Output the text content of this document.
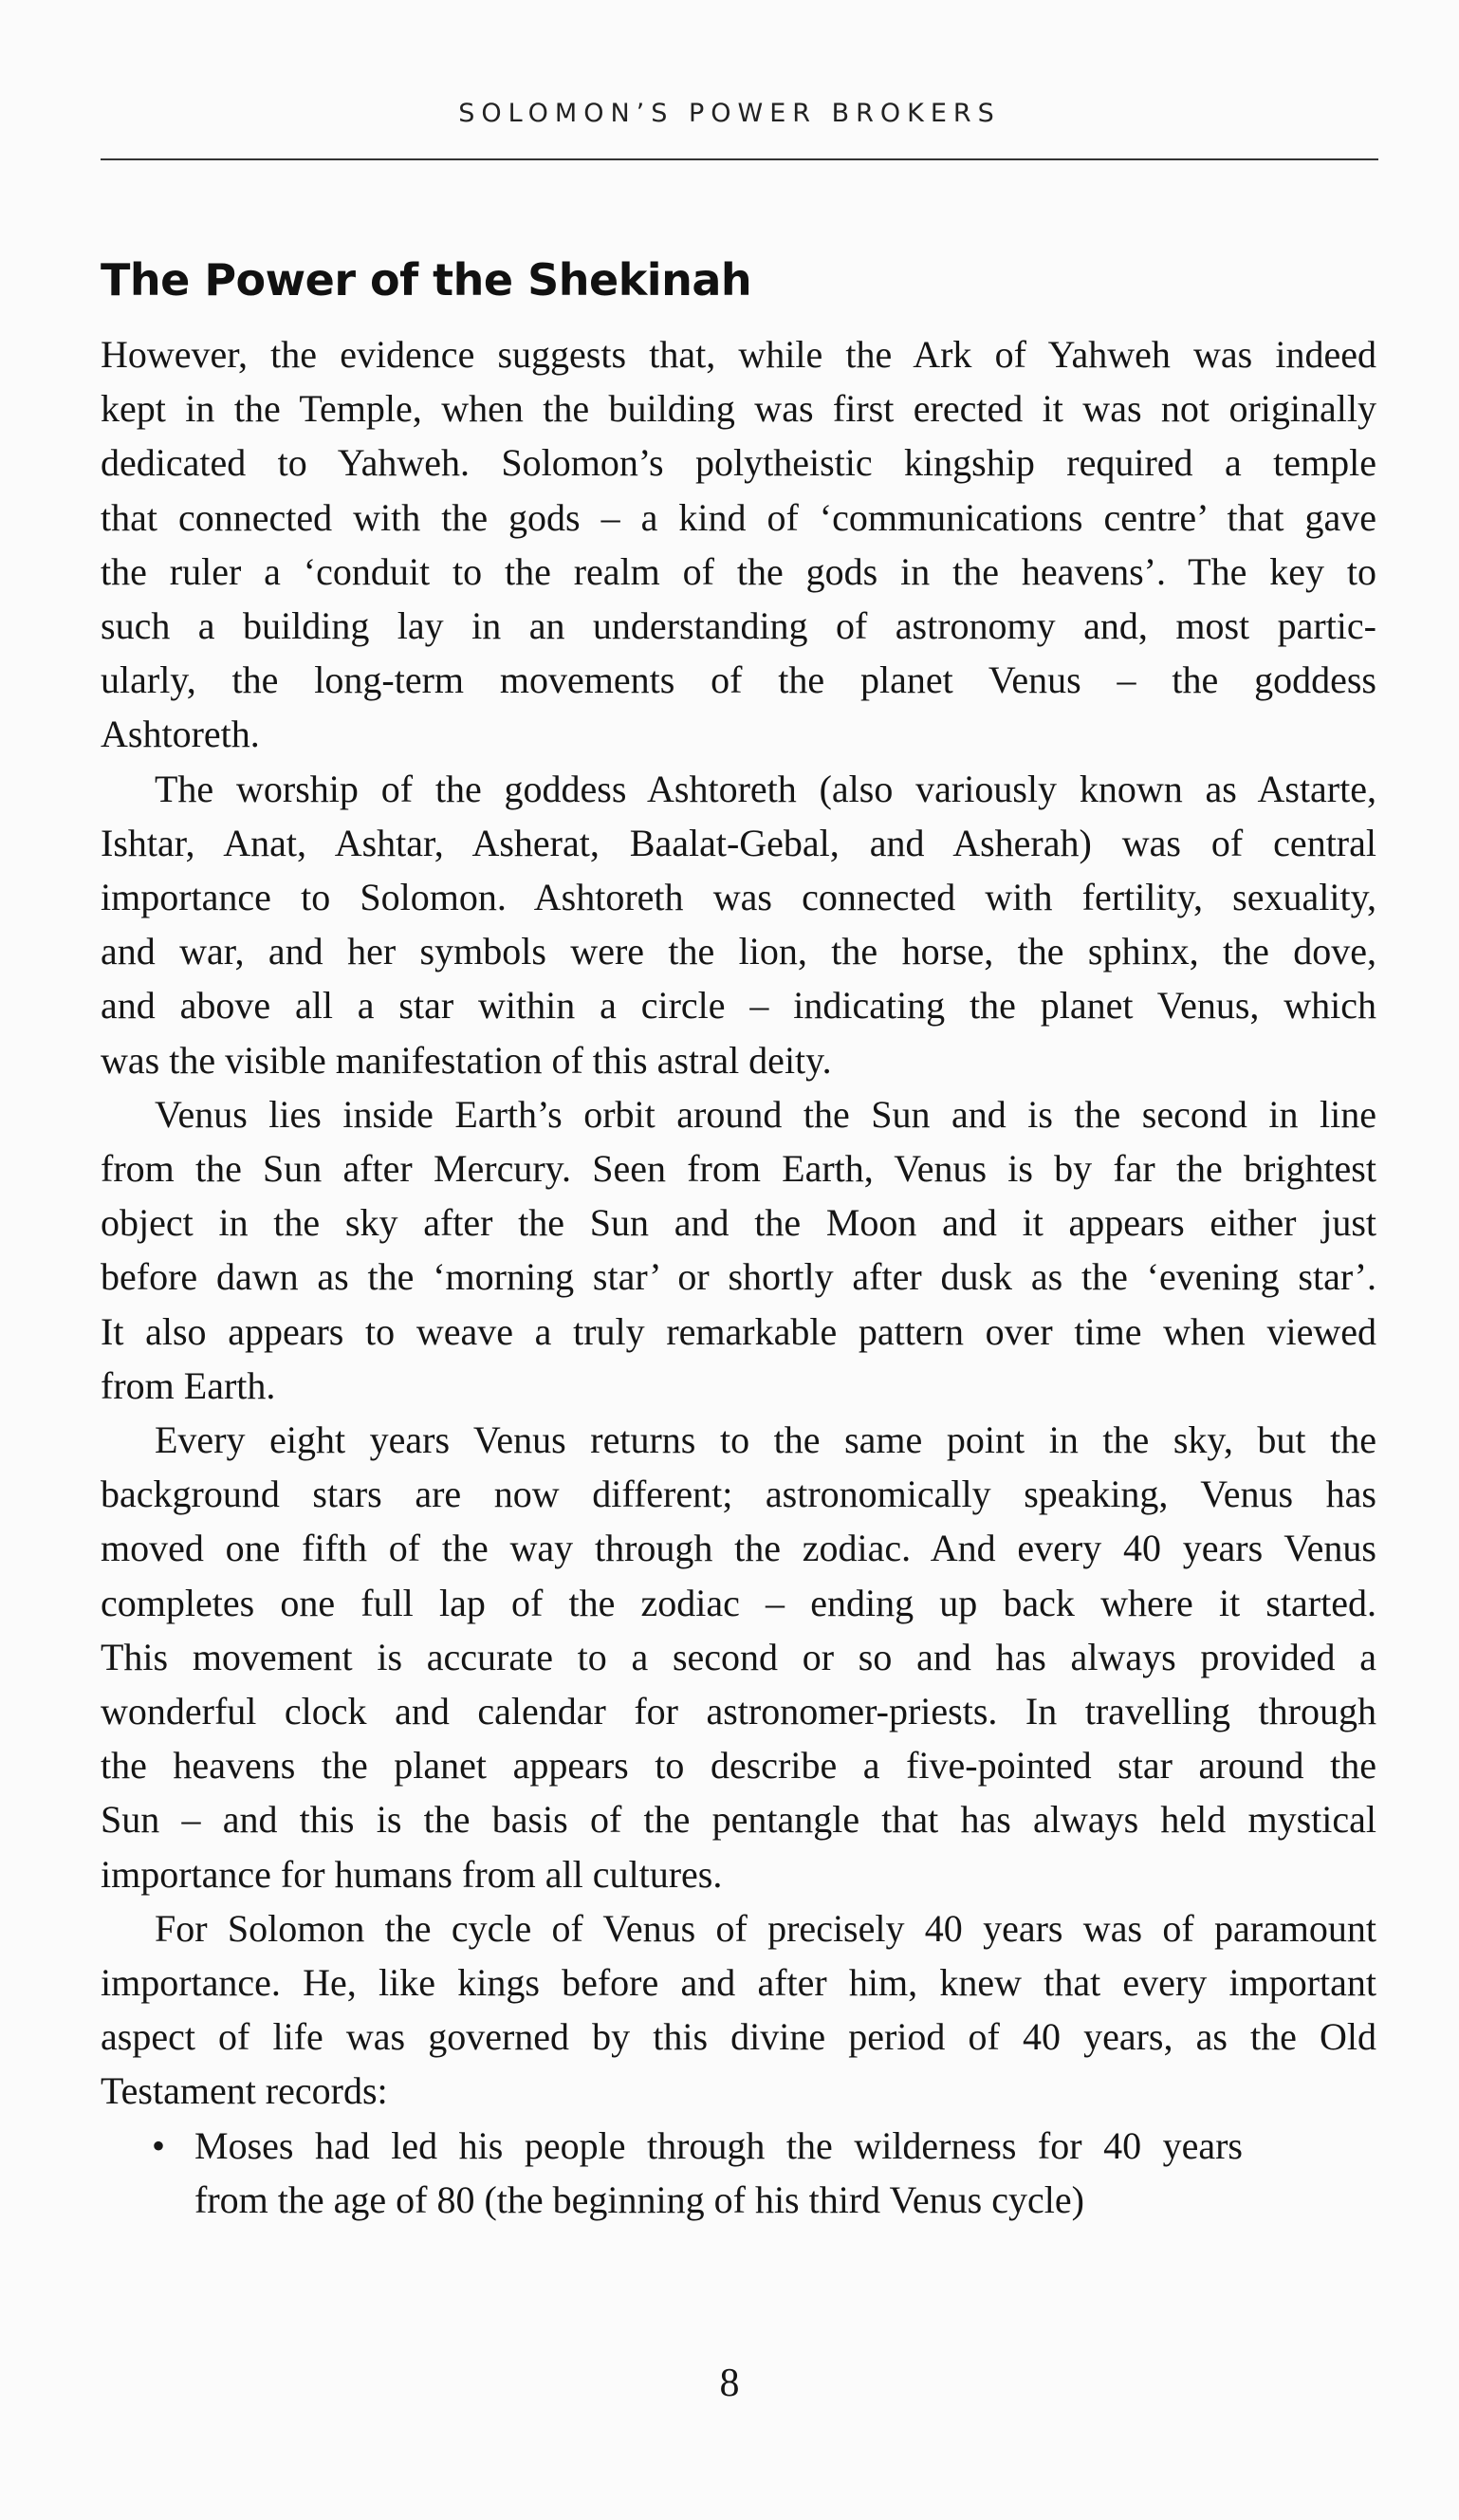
SOLOMON’S POWER BROKERS
The Power of the Shekinah
However, the evidence suggests that, while the Ark of Yahweh was indeed
kept in the Temple, when the building was first erected it was not originally
dedicated to Yahweh. Solomon’s polytheistic kingship required a temple
that connected with the gods – a kind of ‘communications centre’ that gave
the ruler a ‘conduit to the realm of the gods in the heavens’. The key to
such a building lay in an understanding of astronomy and, most partic-
ularly, the long-term movements of the planet Venus – the goddess
Ashtoreth.
The worship of the goddess Ashtoreth (also variously known as Astarte,
Ishtar, Anat, Ashtar, Asherat, Baalat-Gebal, and Asherah) was of central
importance to Solomon. Ashtoreth was connected with fertility, sexuality,
and war, and her symbols were the lion, the horse, the sphinx, the dove,
and above all a star within a circle – indicating the planet Venus, which
was the visible manifestation of this astral deity.
Venus lies inside Earth’s orbit around the Sun and is the second in line
from the Sun after Mercury. Seen from Earth, Venus is by far the brightest
object in the sky after the Sun and the Moon and it appears either just
before dawn as the ‘morning star’ or shortly after dusk as the ‘evening star’.
It also appears to weave a truly remarkable pattern over time when viewed
from Earth.
Every eight years Venus returns to the same point in the sky, but the
background stars are now different; astronomically speaking, Venus has
moved one fifth of the way through the zodiac. And every 40 years Venus
completes one full lap of the zodiac – ending up back where it started.
This movement is accurate to a second or so and has always provided a
wonderful clock and calendar for astronomer-priests. In travelling through
the heavens the planet appears to describe a five-pointed star around the
Sun – and this is the basis of the pentangle that has always held mystical
importance for humans from all cultures.
For Solomon the cycle of Venus of precisely 40 years was of paramount
importance. He, like kings before and after him, knew that every important
aspect of life was governed by this divine period of 40 years, as the Old
Testament records:
• Moses had led his people through the wilderness for 40 years
from the age of 80 (the beginning of his third Venus cycle)
8
